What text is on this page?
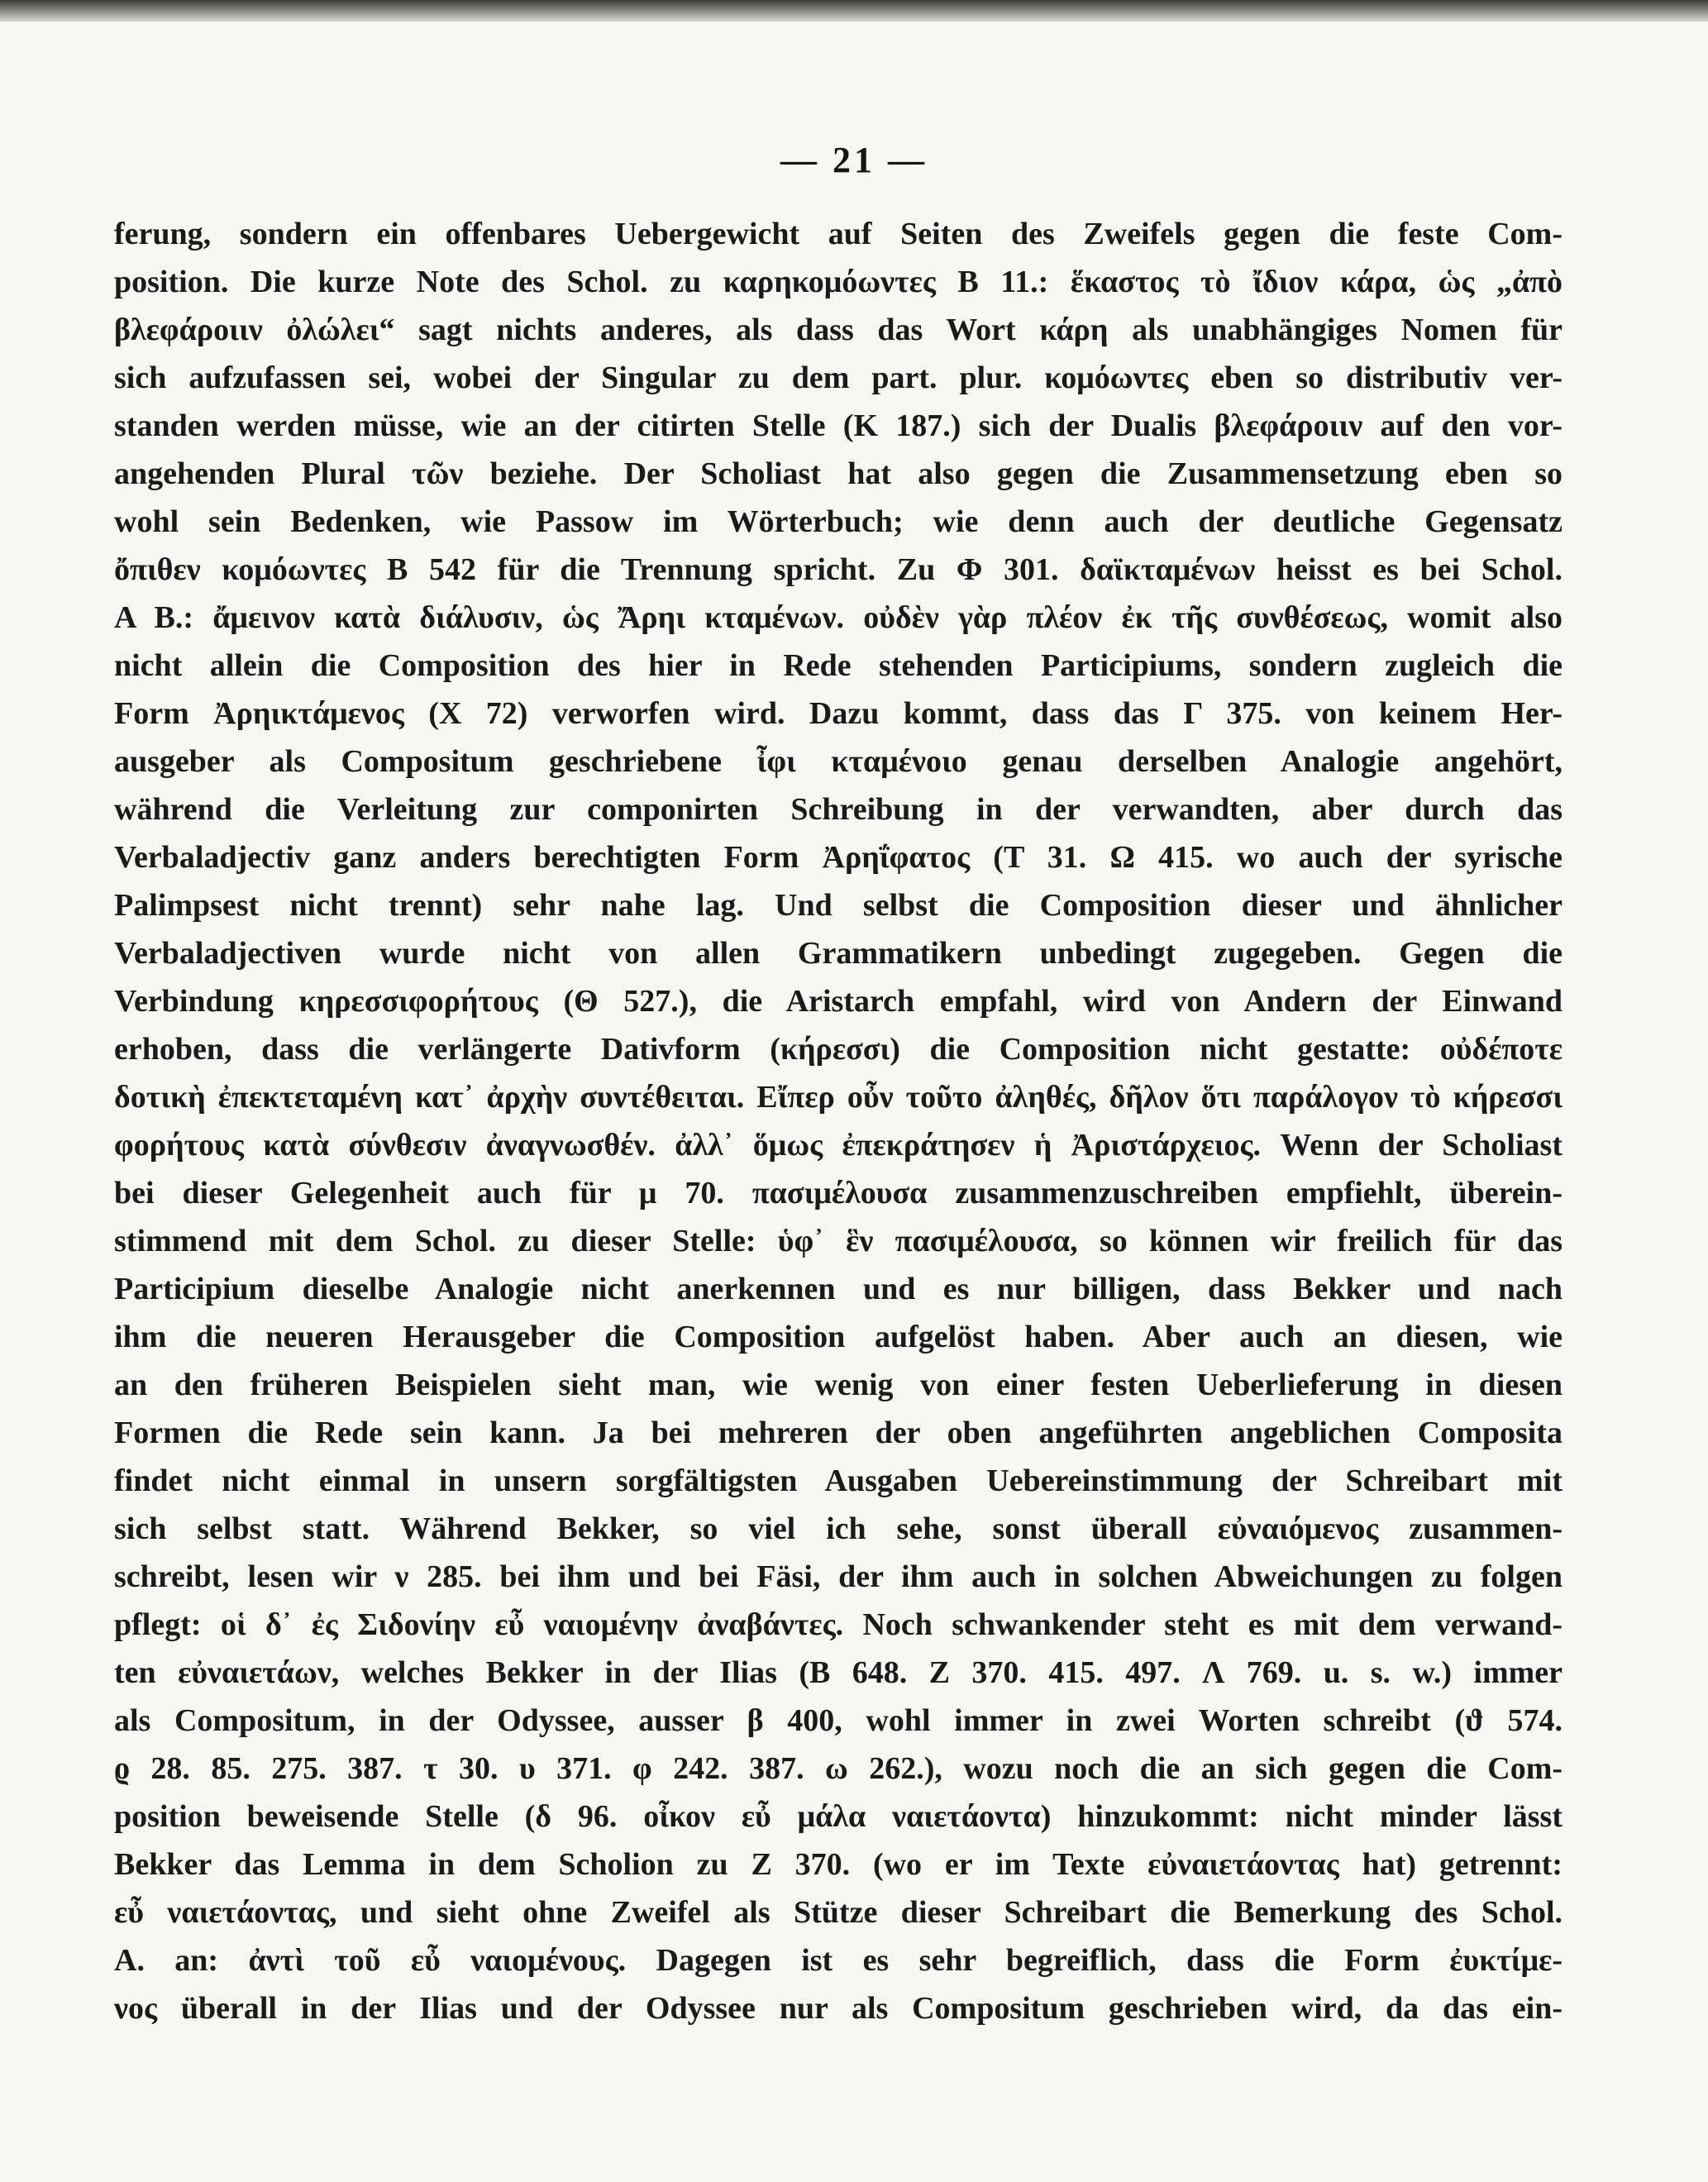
— 21 —
ferung, sondern ein offenbares Uebergewicht auf Seiten des Zweifels gegen die feste Com-
position. Die kurze Note des Schol. zu καρηκομόωντες B 11.: ἕκαστος τὸ ἴδιον κάρα, ὡς „ἀπὸ
βλεφάροιιν ὀλώλει“ sagt nichts anderes, als dass das Wort κάρη als unabhängiges Nomen für
sich aufzufassen sei, wobei der Singular zu dem part. plur. κομόωντες eben so distributiv ver-
standen werden müsse, wie an der citirten Stelle (K 187.) sich der Dualis βλεφάροιιν auf den vor-
angehenden Plural τῶν beziehe. Der Scholiast hat also gegen die Zusammensetzung eben so
wohl sein Bedenken, wie Passow im Wörterbuch; wie denn auch der deutliche Gegensatz
ὄπιθεν κομόωντες B 542 für die Trennung spricht. Zu Φ 301. δαϊκταμένων heisst es bei Schol.
A B.: ἄμεινον κατὰ διάλυσιν, ὡς Ἄρηι κταμένων. οὐδὲν γὰρ πλέον ἐκ τῆς συνθέσεως, womit also
nicht allein die Composition des hier in Rede stehenden Participiums, sondern zugleich die
Form Ἀρηικτάμενος (X 72) verworfen wird. Dazu kommt, dass das Γ 375. von keinem Her-
ausgeber als Compositum geschriebene ἶφι κταμένοιο genau derselben Analogie angehört,
während die Verleitung zur componirten Schreibung in der verwandten, aber durch das
Verbaladjectiv ganz anders berechtigten Form Ἀρηΐφατος (T 31. Ω 415. wo auch der syrische
Palimpsest nicht trennt) sehr nahe lag. Und selbst die Composition dieser und ähnlicher
Verbaladjectiven wurde nicht von allen Grammatikern unbedingt zugegeben. Gegen die
Verbindung κηρεσσιφορήτους (Θ 527.), die Aristarch empfahl, wird von Andern der Einwand
erhoben, dass die verlängerte Dativform (κήρεσσι) die Composition nicht gestatte: οὐδέποτε
δοτικὴ ἐπεκτεταμένη κατ᾽ ἀρχὴν συντέθειται. Εἴπερ οὖν τοῦτο ἀληθές, δῆλον ὅτι παράλογον τὸ κήρεσσι
φορήτους κατὰ σύνθεσιν ἀναγνωσθέν. ἀλλ᾽ ὅμως ἐπεκράτησεν ἡ Ἀριστάρχειος. Wenn der Scholiast
bei dieser Gelegenheit auch für μ 70. πασιμέλουσα zusammenzuschreiben empfiehlt, überein-
stimmend mit dem Schol. zu dieser Stelle: ὑφ᾽ ἓν πασιμέλουσα, so können wir freilich für das
Participium dieselbe Analogie nicht anerkennen und es nur billigen, dass Bekker und nach
ihm die neueren Herausgeber die Composition aufgelöst haben. Aber auch an diesen, wie
an den früheren Beispielen sieht man, wie wenig von einer festen Ueberlieferung in diesen
Formen die Rede sein kann. Ja bei mehreren der oben angeführten angeblichen Composita
findet nicht einmal in unsern sorgfältigsten Ausgaben Uebereinstimmung der Schreibart mit
sich selbst statt. Während Bekker, so viel ich sehe, sonst überall εὐναιόμενος zusammen-
schreibt, lesen wir ν 285. bei ihm und bei Fäsi, der ihm auch in solchen Abweichungen zu folgen
pflegt: οἱ δ᾽ ἐς Σιδονίην εὖ ναιομένην ἀναβάντες. Noch schwankender steht es mit dem verwand-
ten εὐναιετάων, welches Bekker in der Ilias (B 648. Z 370. 415. 497. Λ 769. u. s. w.) immer
als Compositum, in der Odyssee, ausser β 400, wohl immer in zwei Worten schreibt (ϑ 574.
ϱ 28. 85. 275. 387. τ 30. υ 371. φ 242. 387. ω 262.), wozu noch die an sich gegen die Com-
position beweisende Stelle (δ 96. οἶκον εὖ μάλα ναιετάοντα) hinzukommt: nicht minder lässt
Bekker das Lemma in dem Scholion zu Z 370. (wo er im Texte εὐναιετάοντας hat) getrennt:
εὖ ναιετάοντας, und sieht ohne Zweifel als Stütze dieser Schreibart die Bemerkung des Schol.
A. an: ἀντὶ τοῦ εὖ ναιομένους. Dagegen ist es sehr begreiflich, dass die Form ἐυκτίμε-
νος überall in der Ilias und der Odyssee nur als Compositum geschrieben wird, da das ein-
